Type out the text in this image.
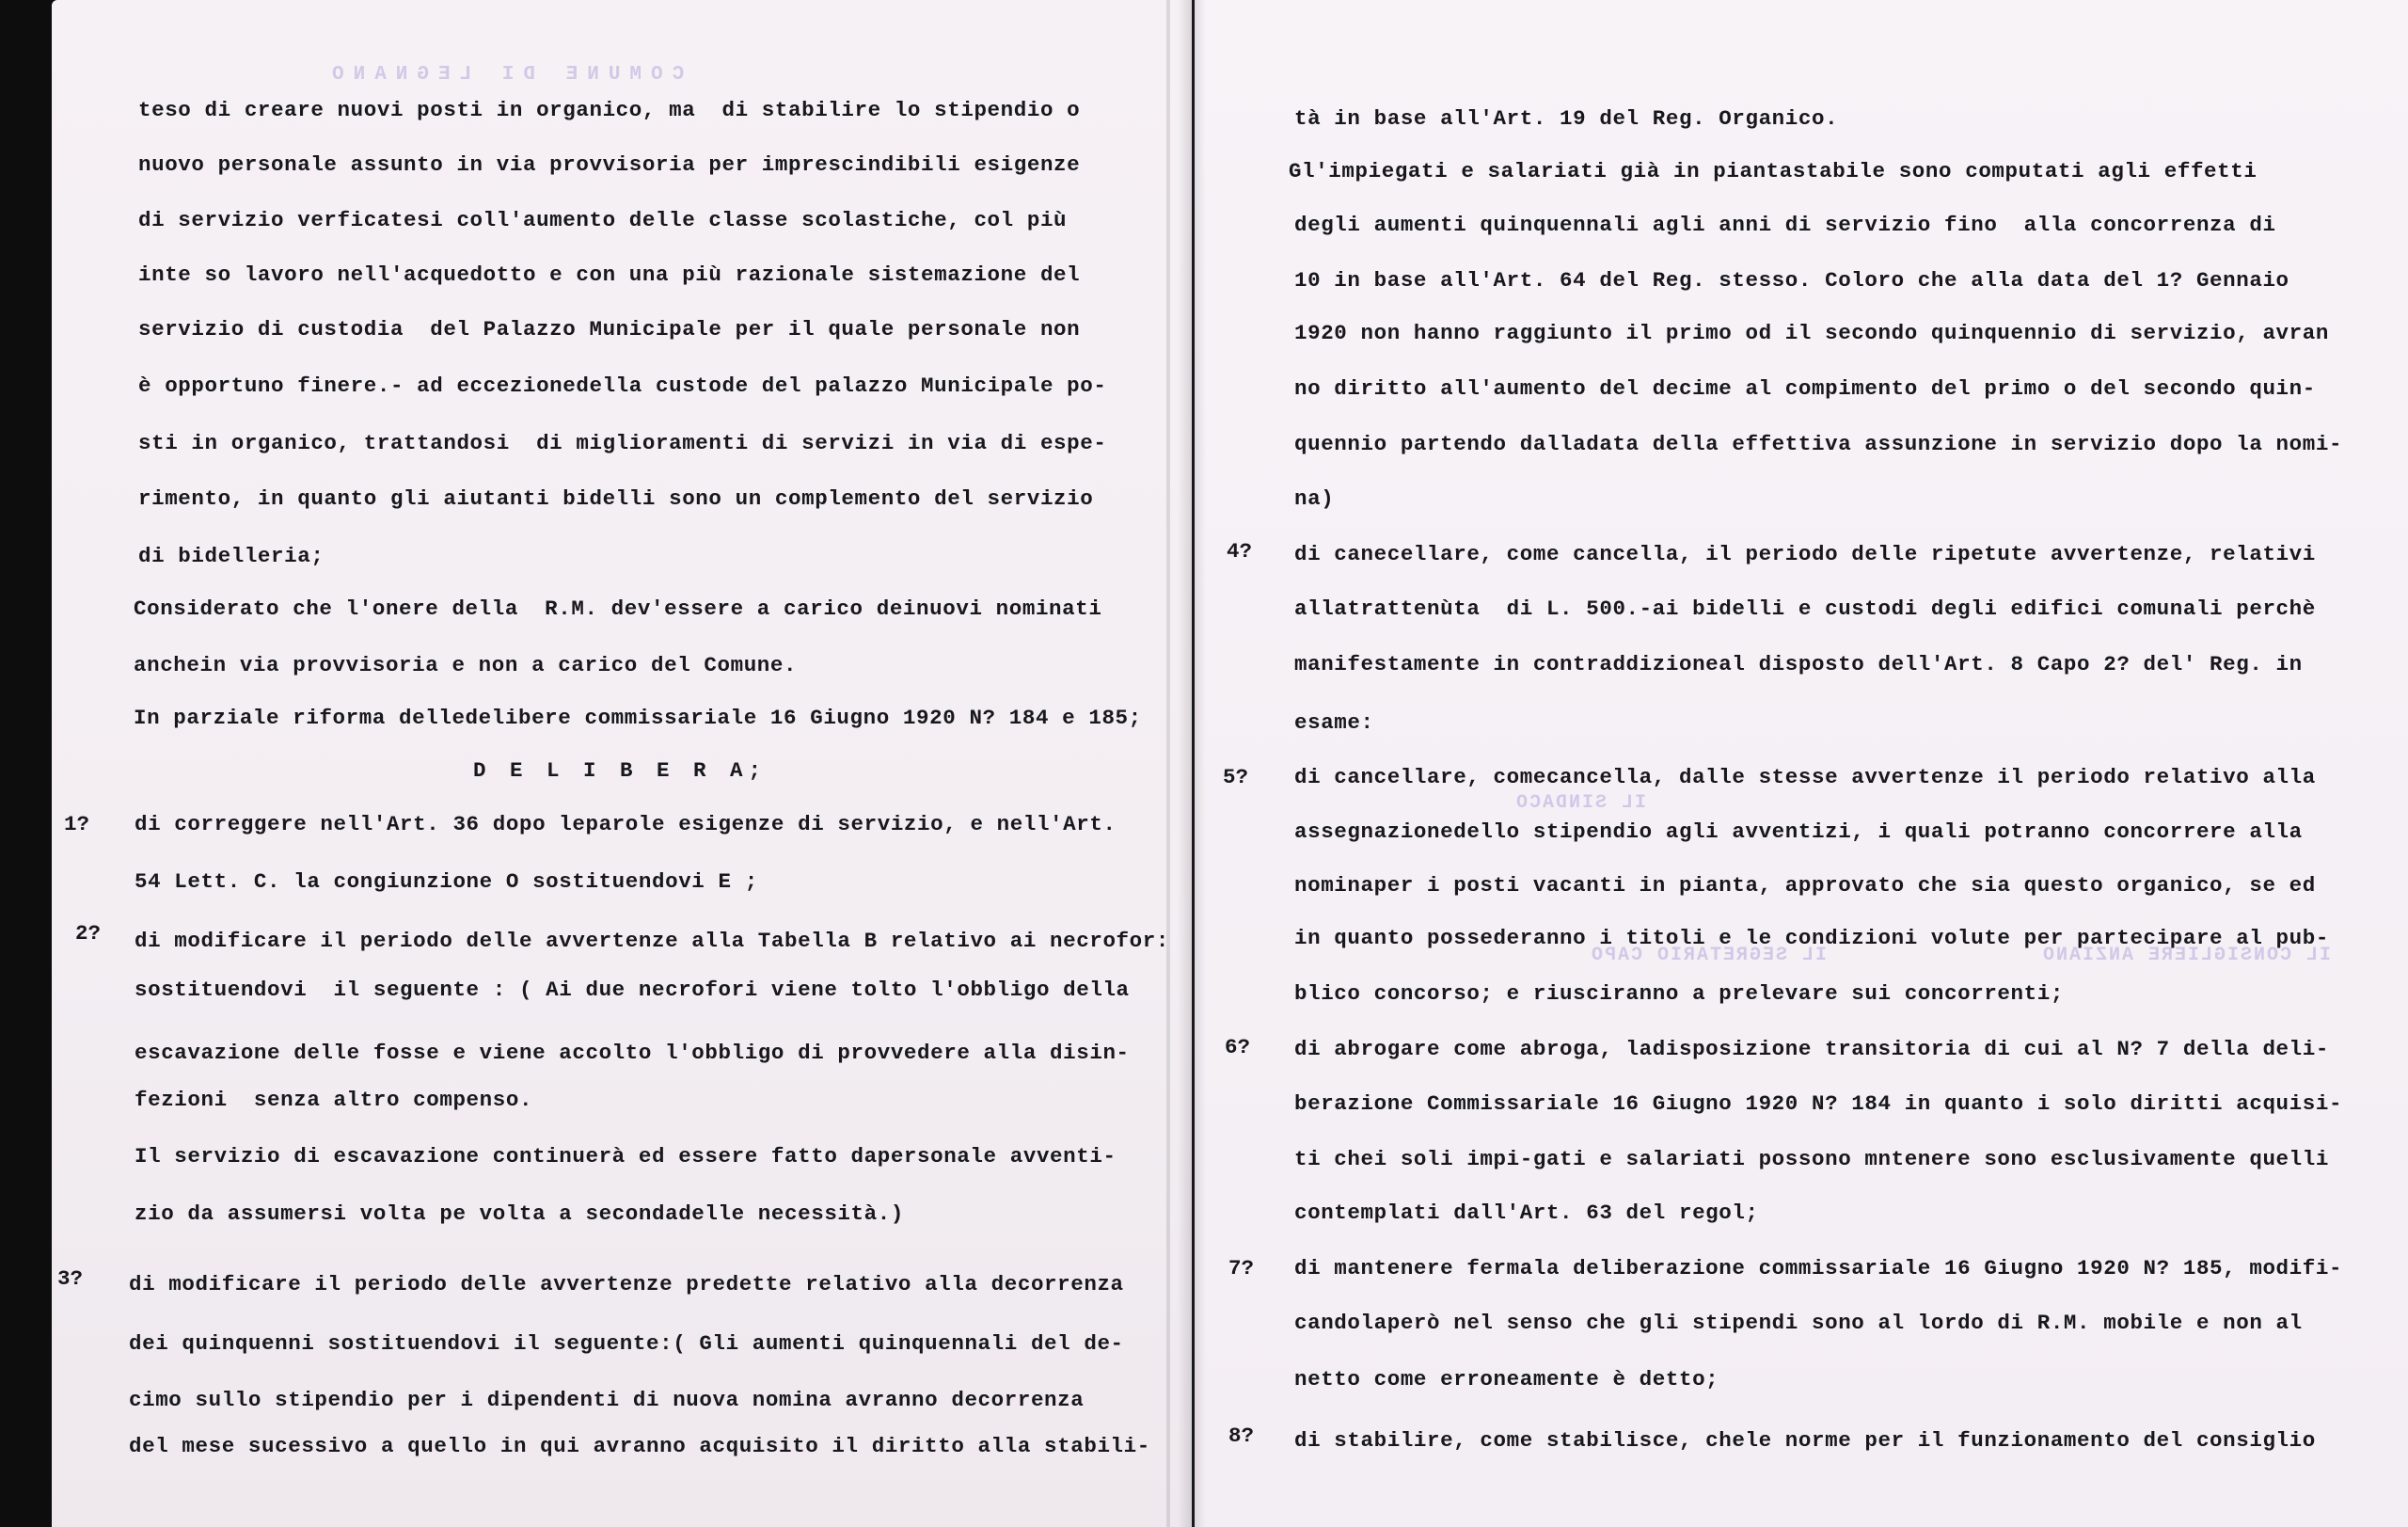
COMUNE DI LEGNANO
teso di creare nuovi posti in organico, ma  di stabilire lo stipendio o
nuovo personale assunto in via provvisoria per imprescindibili esigenze
di servizio verficatesi coll'aumento delle classe scolastiche, col più
inte so lavoro nell'acquedotto e con una più razionale sistemazione del
servizio di custodia  del Palazzo Municipale per il quale personale non
è opportuno finere.- ad eccezionedella custode del palazzo Municipale po-
sti in organico, trattandosi  di miglioramenti di servizi in via di espe-
rimento, in quanto gli aiutanti bidelli sono un complemento del servizio
di bidelleria;
Considerato che l'onere della  R.M. dev'essere a carico deinuovi nominati
anchein via provvisoria e non a carico del Comune.
In parziale riforma delledelibere commissariale 16 Giugno 1920 N? 184 e 185;
D E L I B E R A;
1? di correggere nell'Art. 36 dopo leparole esigenze di servizio, e nell'Art.
54 Lett. C. la congiunzione O sostituendovi E ;
2? di modificare il periodo delle avvertenze alla Tabella B relativo ai necrofor:
sostituendovi  il seguente : ( Ai due necrofori viene tolto l'obbligo della
escavazione delle fosse e viene accolto l'obbligo di provvedere alla disin-
fezioni  senza altro compenso.
Il servizio di escavazione continuerà ed essere fatto dapersonale avventi-
zio da assumersi volta pe volta a secondadelle necessità.)
3? di modificare il periodo delle avvertenze predette relativo alla decorrenza
dei quinquenni sostituendovi il seguente:( Gli aumenti quinquennali del de-
cimo sullo stipendio per i dipendenti di nuova nomina avranno decorrenza
del mese sucessivo a quello in qui avranno acquisito il diritto alla stabili-
IL SINDACO
IL SEGRETARIO CAPO	IL CONSIGLIERE ANZIANO
tà in base all'Art. 19 del Reg. Organico.
Gl'impiegati e salariati già in piantastabile sono computati agli effetti
degli aumenti quinquennali agli anni di servizio fino  alla concorrenza di
10 in base all'Art. 64 del Reg. stesso. Coloro che alla data del 1? Gennaio
1920 non hanno raggiunto il primo od il secondo quinquennio di servizio, avran
no diritto all'aumento del decime al compimento del primo o del secondo quin-
quennio partendo dalladata della effettiva assunzione in servizio dopo la nomi-
na)
4? di canecellare, come cancella, il periodo delle ripetute avvertenze, relativi
allatrattenùta  di L. 500.-ai bidelli e custodi degli edifici comunali perchè
manifestamente in contraddizioneal disposto dell'Art. 8 Capo 2? del' Reg. in
esame:
5? di cancellare, comecancella, dalle stesse avvertenze il periodo relativo alla
assegnazionedello stipendio agli avventizi, i quali potranno concorrere alla
nominaper i posti vacanti in pianta, approvato che sia questo organico, se ed
in quanto possederanno i titoli e le condizioni volute per partecipare al pub-
blico concorso; e riusciranno a prelevare sui concorrenti;
6? di abrogare come abroga, ladisposizione transitoria di cui al N? 7 della deli-
berazione Commissariale 16 Giugno 1920 N? 184 in quanto i solo diritti acquisi-
ti chei soli impi-gati e salariati possono mntenere sono esclusivamente quelli
contemplati dall'Art. 63 del regol;
7? di mantenere fermala deliberazione commissariale 16 Giugno 1920 N? 185, modifi-
candolaperò nel senso che gli stipendi sono al lordo di R.M. mobile e non al
netto come erroneamente è detto;
8? di stabilire, come stabilisce, chele norme per il funzionamento del consiglio
